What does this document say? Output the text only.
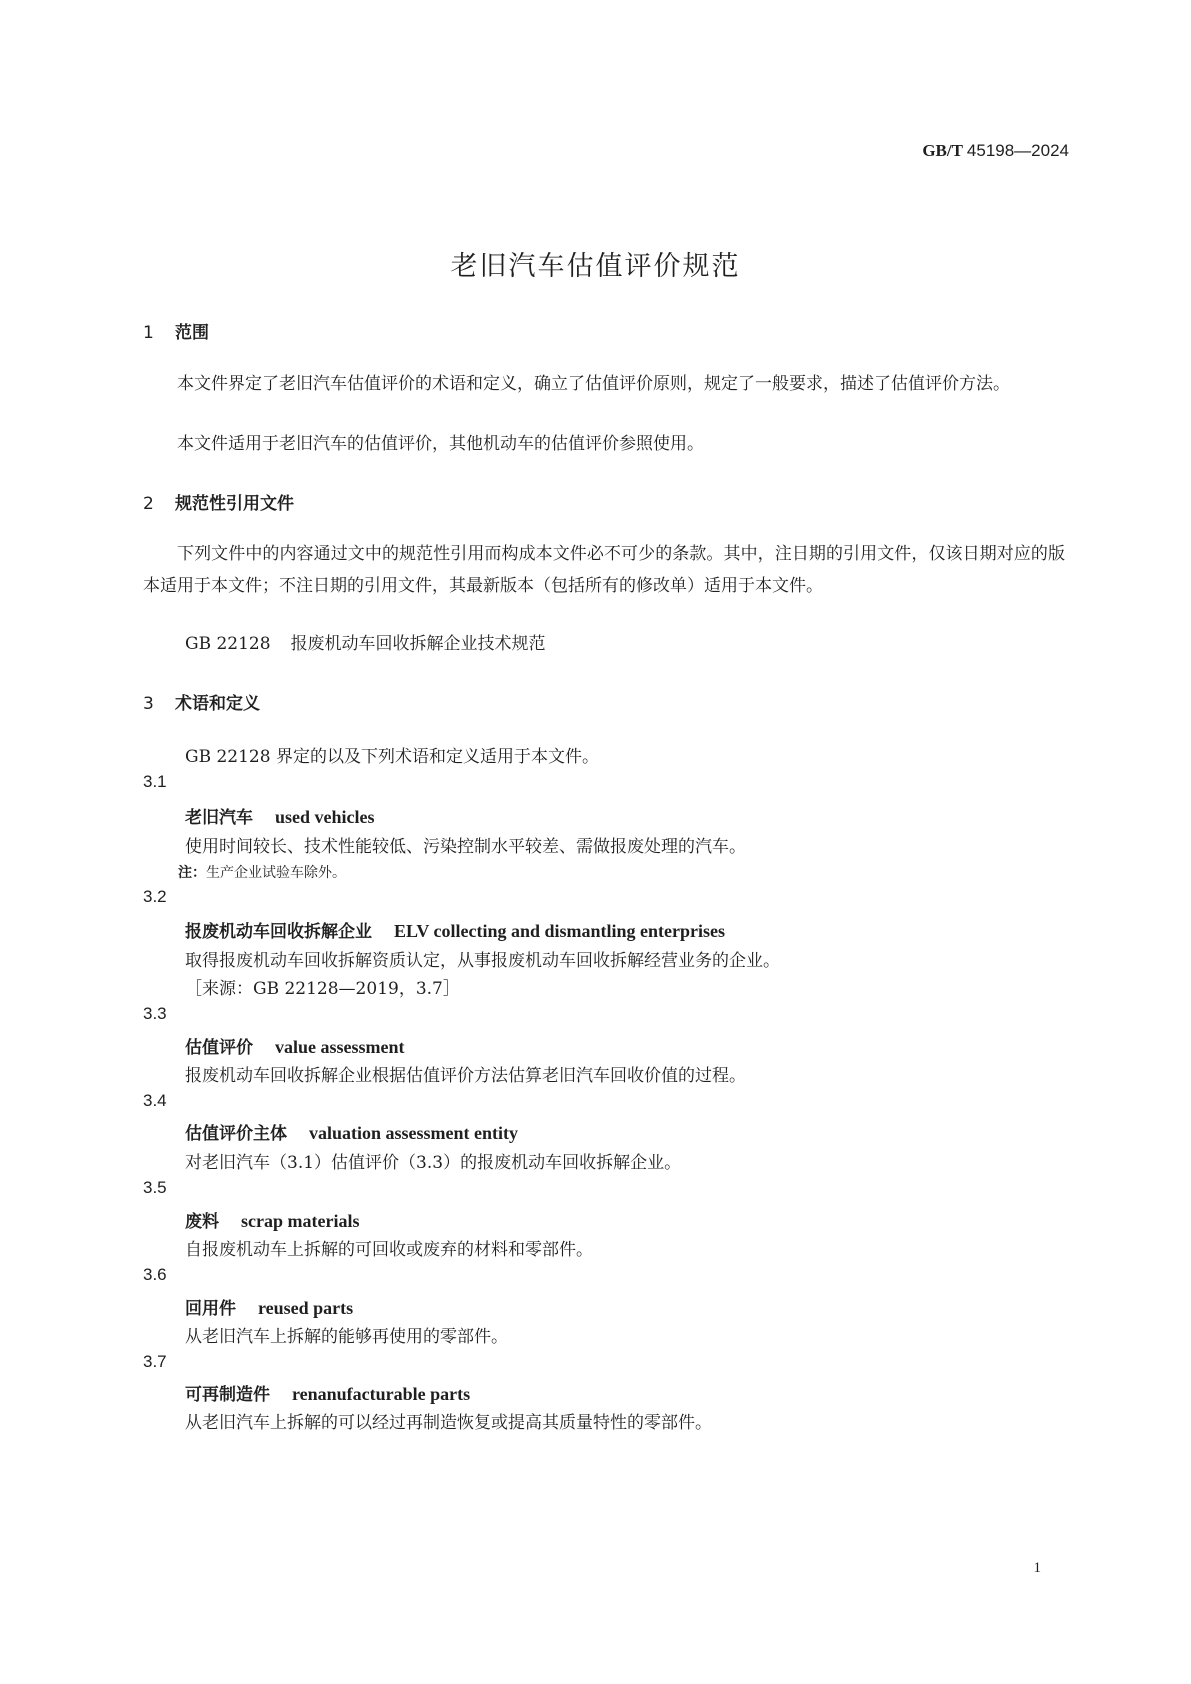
GB/T 45198—2024
老旧汽车估值评价规范
1 范围
本文件界定了老旧汽车估值评价的术语和定义，确立了估值评价原则，规定了一般要求，描述了估值评价方法。
本文件适用于老旧汽车的估值评价，其他机动车的估值评价参照使用。
2 规范性引用文件
下列文件中的内容通过文中的规范性引用而构成本文件必不可少的条款。其中，注日期的引用文件，仅该日期对应的版本适用于本文件；不注日期的引用文件，其最新版本（包括所有的修改单）适用于本文件。
GB 22128 报废机动车回收拆解企业技术规范
3 术语和定义
GB 22128 界定的以及下列术语和定义适用于本文件。
3.1
老旧汽车 used vehicles
使用时间较长、技术性能较低、污染控制水平较差、需做报废处理的汽车。
注：生产企业试验车除外。
3.2
报废机动车回收拆解企业 ELV collecting and dismantling enterprises
取得报废机动车回收拆解资质认定，从事报废机动车回收拆解经营业务的企业。
［来源：GB 22128—2019，3.7］
3.3
估值评价 value assessment
报废机动车回收拆解企业根据估值评价方法估算老旧汽车回收价值的过程。
3.4
估值评价主体 valuation assessment entity
对老旧汽车（3.1）估值评价（3.3）的报废机动车回收拆解企业。
3.5
废料 scrap materials
自报废机动车上拆解的可回收或废弃的材料和零部件。
3.6
回用件 reused parts
从老旧汽车上拆解的能够再使用的零部件。
3.7
可再制造件 renanufacturable parts
从老旧汽车上拆解的可以经过再制造恢复或提高其质量特性的零部件。
1
